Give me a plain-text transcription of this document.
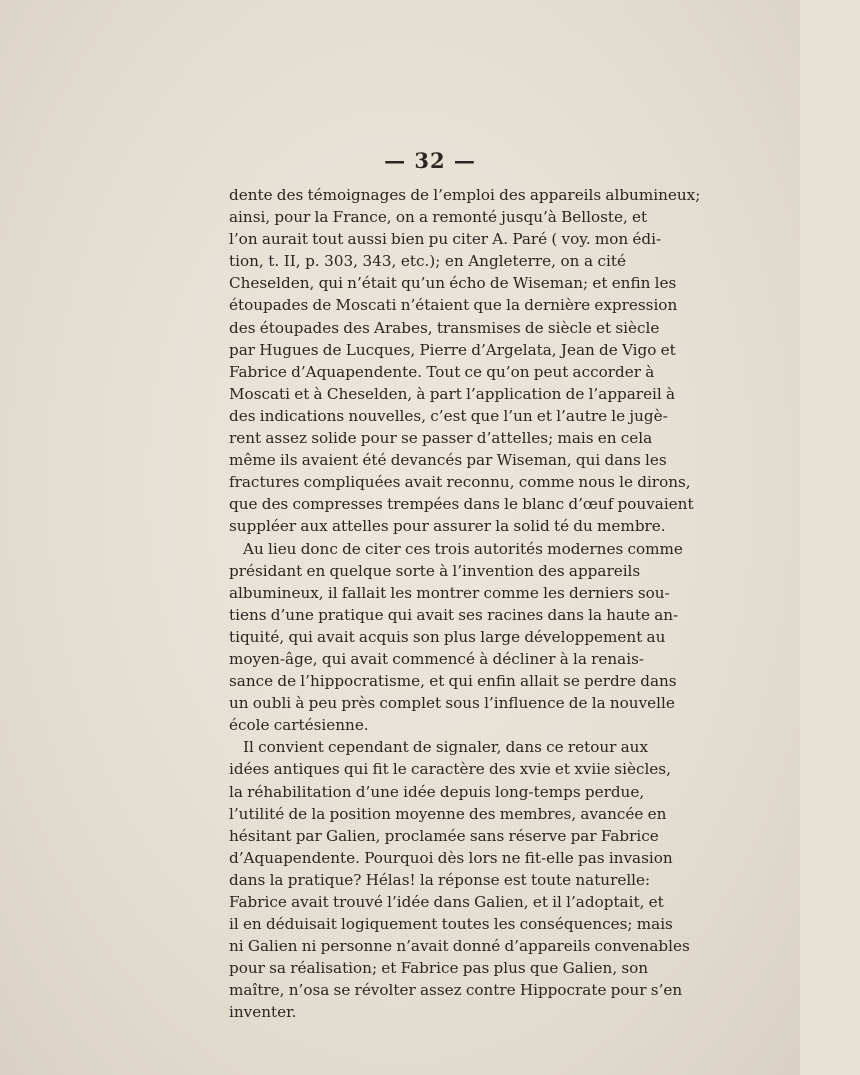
— 32 —
dente des témoignages de l’emploi des appareils albumineux;
ainsi, pour la France, on a remonté jusqu’à Belloste, et
l’on aurait tout aussi bien pu citer A. Paré ( voy. mon édi-
tion, t. II, p. 303, 343, etc.); en Angleterre, on a cité
Cheselden, qui n’était qu’un écho de Wiseman; et enfin les
étoupades de Moscati n’étaient que la dernière expression
des étoupades des Arabes, transmises de siècle et siècle
par Hugues de Lucques, Pierre d’Argelata, Jean de Vigo et
Fabrice d’Aquapendente. Tout ce qu’on peut accorder à
Moscati et à Cheselden, à part l’application de l’appareil à
des indications nouvelles, c’est que l’un et l’autre le jugè-
rent assez solide pour se passer d’attelles; mais en cela
même ils avaient été devancés par Wiseman, qui dans les
fractures compliquées avait reconnu, comme nous le dirons,
que des compresses trempées dans le blanc d’œuf pouvaient
suppléer aux attelles pour assurer la solid té du membre.
Au lieu donc de citer ces trois autorités modernes comme
présidant en quelque sorte à l’invention des appareils
albumineux, il fallait les montrer comme les derniers sou-
tiens d’une pratique qui avait ses racines dans la haute an-
tiquité, qui avait acquis son plus large développement au
moyen-âge, qui avait commencé à décliner à la renais-
sance de l’hippocratisme, et qui enfin allait se perdre dans
un oubli à peu près complet sous l’influence de la nouvelle
école cartésienne.
Il convient cependant de signaler, dans ce retour aux
idées antiques qui fit le caractère des xvie et xviie siècles,
la réhabilitation d’une idée depuis long-temps perdue,
l’utilité de la position moyenne des membres, avancée en
hésitant par Galien, proclamée sans réserve par Fabrice
d’Aquapendente. Pourquoi dès lors ne fit-elle pas invasion
dans la pratique? Hélas! la réponse est toute naturelle:
Fabrice avait trouvé l’idée dans Galien, et il l’adoptait, et
il en déduisait logiquement toutes les conséquences; mais
ni Galien ni personne n’avait donné d’appareils convenables
pour sa réalisation; et Fabrice pas plus que Galien, son
maître, n’osa se révolter assez contre Hippocrate pour s’en
inventer.
